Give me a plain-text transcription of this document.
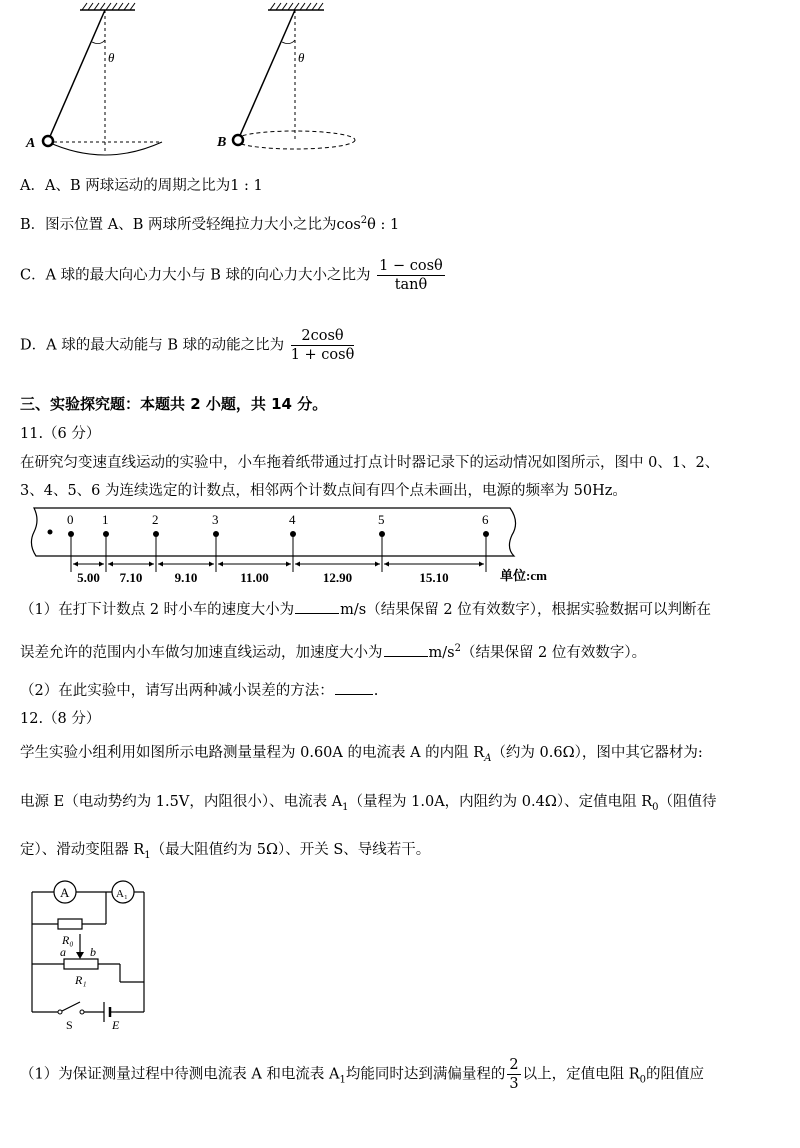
θ
A
θ
B
A．A、B 两球运动的周期之比为1 : 1
B．图示位置 A、B 两球所受轻绳拉力大小之比为$\cos^2\theta$ : 1
C．A 球的最大向心力大小与 B 球的向心力大小之比为 $\frac{1 - \cos\theta}{\tan\theta}$
D．A 球的最大动能与 B 球的动能之比为 $\frac{2\cos\theta}{1 + \cos\theta}$
三、实验探究题：本题共 2 小题，共 14 分。
11.（6 分）
在研究匀变速直线运动的实验中，小车拖着纸带通过打点计时器记录下的运动情况如图所示，图中 0、1、2、
3、4、5、6 为连续选定的计数点，相邻两个计数点间有四个点未画出，电源的频率为 50Hz。
0 1	2	3	4	5	6
5.00 7.10 9.10	11.00	12.90	15.10	单位:cm
（1）在打下计数点 2 时小车的速度大小为	m/s（结果保留 2 位有效数字），根据实验数据可以判断在
误差允许的范围内小车做匀加速直线运动，加速度大小为	$m/s^2$（结果保留 2 位有效数字）。
（2）在此实验中，请写出两种减小误差的方法：	.
12.（8 分）
学生实验小组利用如图所示电路测量量程为 0.60A 的电流表 A 的内阻 $R_A$（约为 0.6Ω），图中其它器材为:
电源 E（电动势约为 1.5V，内阻很小）、电流表 $A_1$（量程为 1.0A，内阻约为 0.4Ω）、定值电阻 $R_0$（阻值待
定）、滑动变阻器 $R_1$（最大阻值约为 5Ω）、开关 S、导线若干。
A	A₁
R₀
a b
R₁
S	E
（1）为保证测量过程中待测电流表 A 和电流表 $A_1$均能同时达到满偏量程的 $\frac{2}{3}$ 以上，定值电阻 $R_0$的阻值应
